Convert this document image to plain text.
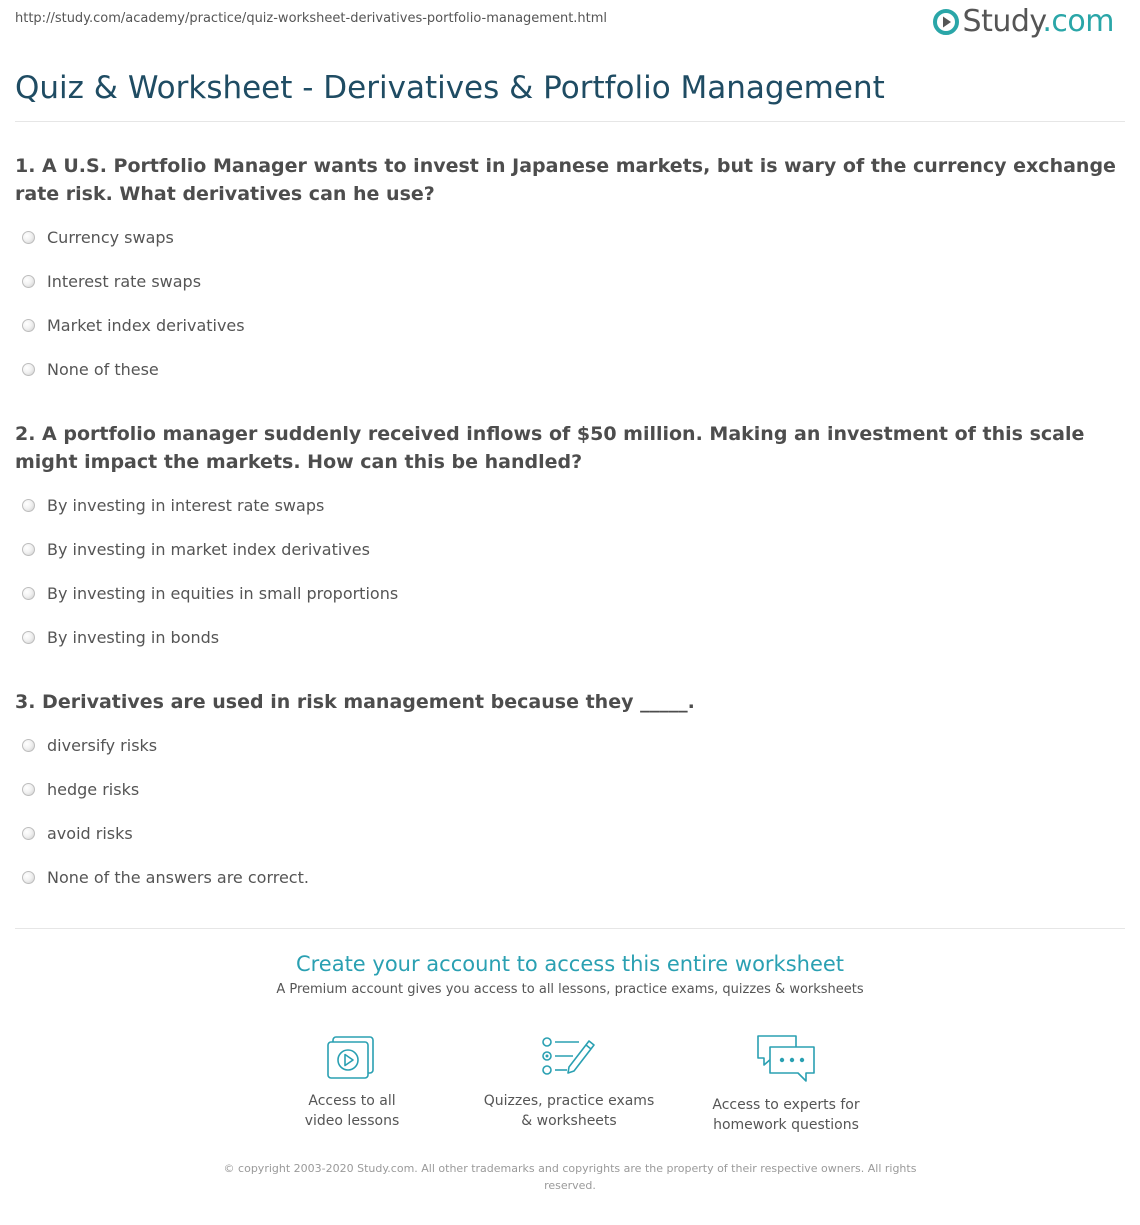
http://study.com/academy/practice/quiz-worksheet-derivatives-portfolio-management.html	Study.com
Quiz & Worksheet - Derivatives & Portfolio Management

1. A U.S. Portfolio Manager wants to invest in Japanese markets, but is wary of the currency exchange rate risk. What derivatives can he use?

Currency swaps
Interest rate swaps
Market index derivatives
None of these

2. A portfolio manager suddenly received inflows of $50 million. Making an investment of this scale might impact the markets. How can this be handled?

By investing in interest rate swaps
By investing in market index derivatives
By investing in equities in small proportions
By investing in bonds

3. Derivatives are used in risk management because they _____.

diversify risks
hedge risks
avoid risks
None of the answers are correct.
Create your account to access this entire worksheet
A Premium account gives you access to all lessons, practice exams, quizzes & worksheets
Access to all
video lessons
Quizzes, practice exams
& worksheets
Access to experts for
homework questions
© copyright 2003-2020 Study.com. All other trademarks and copyrights are the property of their respective owners. All rights
reserved.
